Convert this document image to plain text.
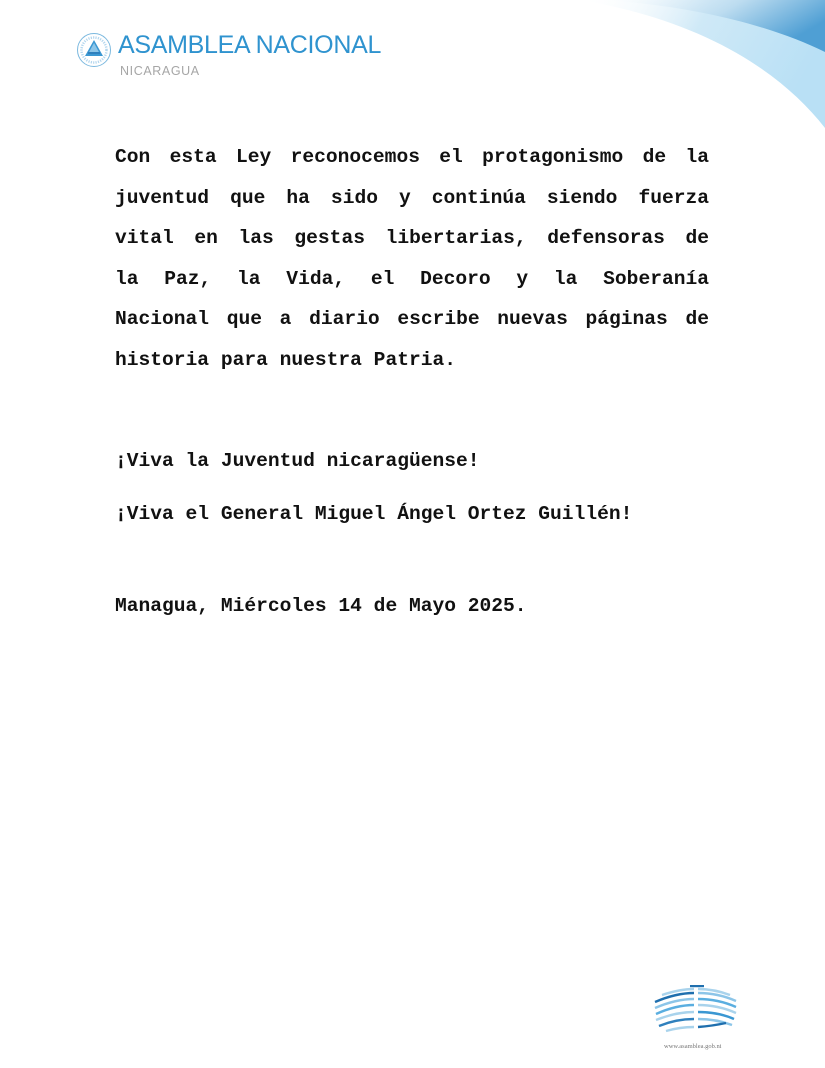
ASAMBLEA NACIONAL
NICARAGUA
Con esta Ley reconocemos el protagonismo de la
juventud que ha sido y continúa siendo fuerza
vital en las gestas libertarias, defensoras de
la Paz, la Vida, el Decoro y la Soberanía
Nacional que a diario escribe nuevas páginas de
historia para nuestra Patria.
¡Viva la Juventud nicaragüense!
¡Viva el General Miguel Ángel Ortez Guillén!
Managua, Miércoles 14 de Mayo 2025.
www.asamblea.gob.ni
